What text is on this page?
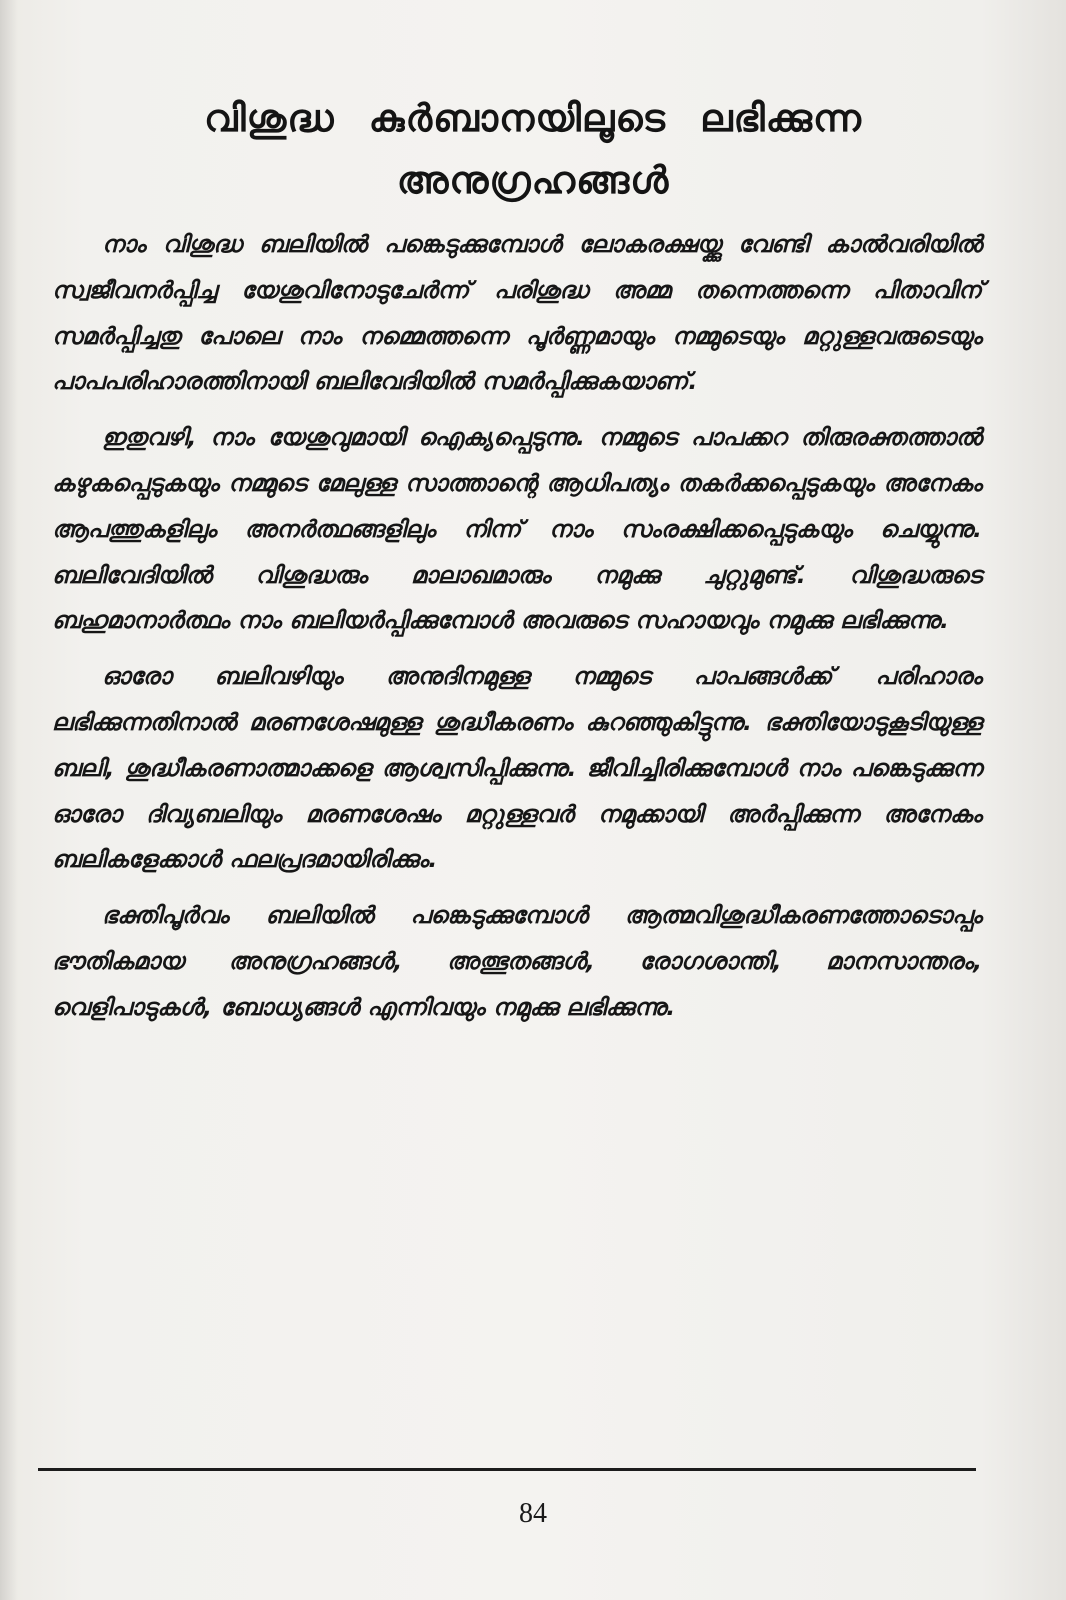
വിശുദ്ധ കുർബാനയിലൂടെ ലഭിക്കുന്ന
അനുഗ്രഹങ്ങൾ

നാം വിശുദ്ധ ബലിയിൽ പങ്കെടുക്കുമ്പോൾ ലോകരക്ഷയ്ക്കു വേണ്ടി കാൽവരിയിൽ സ്വജീവനർപ്പിച്ച യേശുവിനോടുചേർന്ന് പരിശുദ്ധ അമ്മ തന്നെത്തന്നെ പിതാവിന് സമർപ്പിച്ചതു പോലെ നാം നമ്മെത്തന്നെ പൂർണ്ണമായും നമ്മുടെയും മറ്റുള്ളവരുടെയും പാപപരിഹാരത്തിനായി ബലിവേദിയിൽ സമർപ്പിക്കുകയാണ്.

ഇതുവഴി, നാം യേശുവുമായി ഐക്യപ്പെടുന്നു. നമ്മുടെ പാപക്കറ തിരുരക്തത്താൽ കഴുകപ്പെടുകയും നമ്മുടെ മേലുള്ള സാത്താന്റെ ആധിപത്യം തകർക്കപ്പെടുകയും അനേകം ആപത്തുകളിലും അനർത്ഥങ്ങളിലും നിന്ന് നാം സംരക്ഷിക്കപ്പെടുകയും ചെയ്യുന്നു. ബലിവേദിയിൽ വിശുദ്ധരും മാലാഖമാരും നമുക്കു ചുറ്റുമുണ്ട്. വിശുദ്ധരുടെ ബഹുമാനാർത്ഥം നാം ബലിയർപ്പിക്കുമ്പോൾ അവരുടെ സഹായവും നമുക്കു ലഭിക്കുന്നു.

ഓരോ ബലിവഴിയും അനുദിനമുള്ള നമ്മുടെ പാപങ്ങൾക്ക് പരിഹാരം ലഭിക്കുന്നതിനാൽ മരണശേഷമുള്ള ശുദ്ധീകരണം കുറഞ്ഞുകിട്ടുന്നു. ഭക്തിയോടുകൂടിയുള്ള ബലി, ശുദ്ധീകരണാത്മാക്കളെ ആശ്വസിപ്പിക്കുന്നു. ജീവിച്ചിരിക്കുമ്പോൾ നാം പങ്കെടുക്കുന്ന ഓരോ ദിവ്യബലിയും മരണശേഷം മറ്റുള്ളവർ നമുക്കായി അർപ്പിക്കുന്ന അനേകം ബലികളേക്കാൾ ഫലപ്രദമായിരിക്കും.

ഭക്തിപൂർവം ബലിയിൽ പങ്കെടുക്കുമ്പോൾ ആത്മവിശുദ്ധീകരണത്തോടൊപ്പം ഭൗതികമായ അനുഗ്രഹങ്ങൾ, അത്ഭുതങ്ങൾ, രോഗശാന്തി, മാനസാന്തരം, വെളിപാടുകൾ, ബോധ്യങ്ങൾ എന്നിവയും നമുക്കു ലഭിക്കുന്നു.

84
